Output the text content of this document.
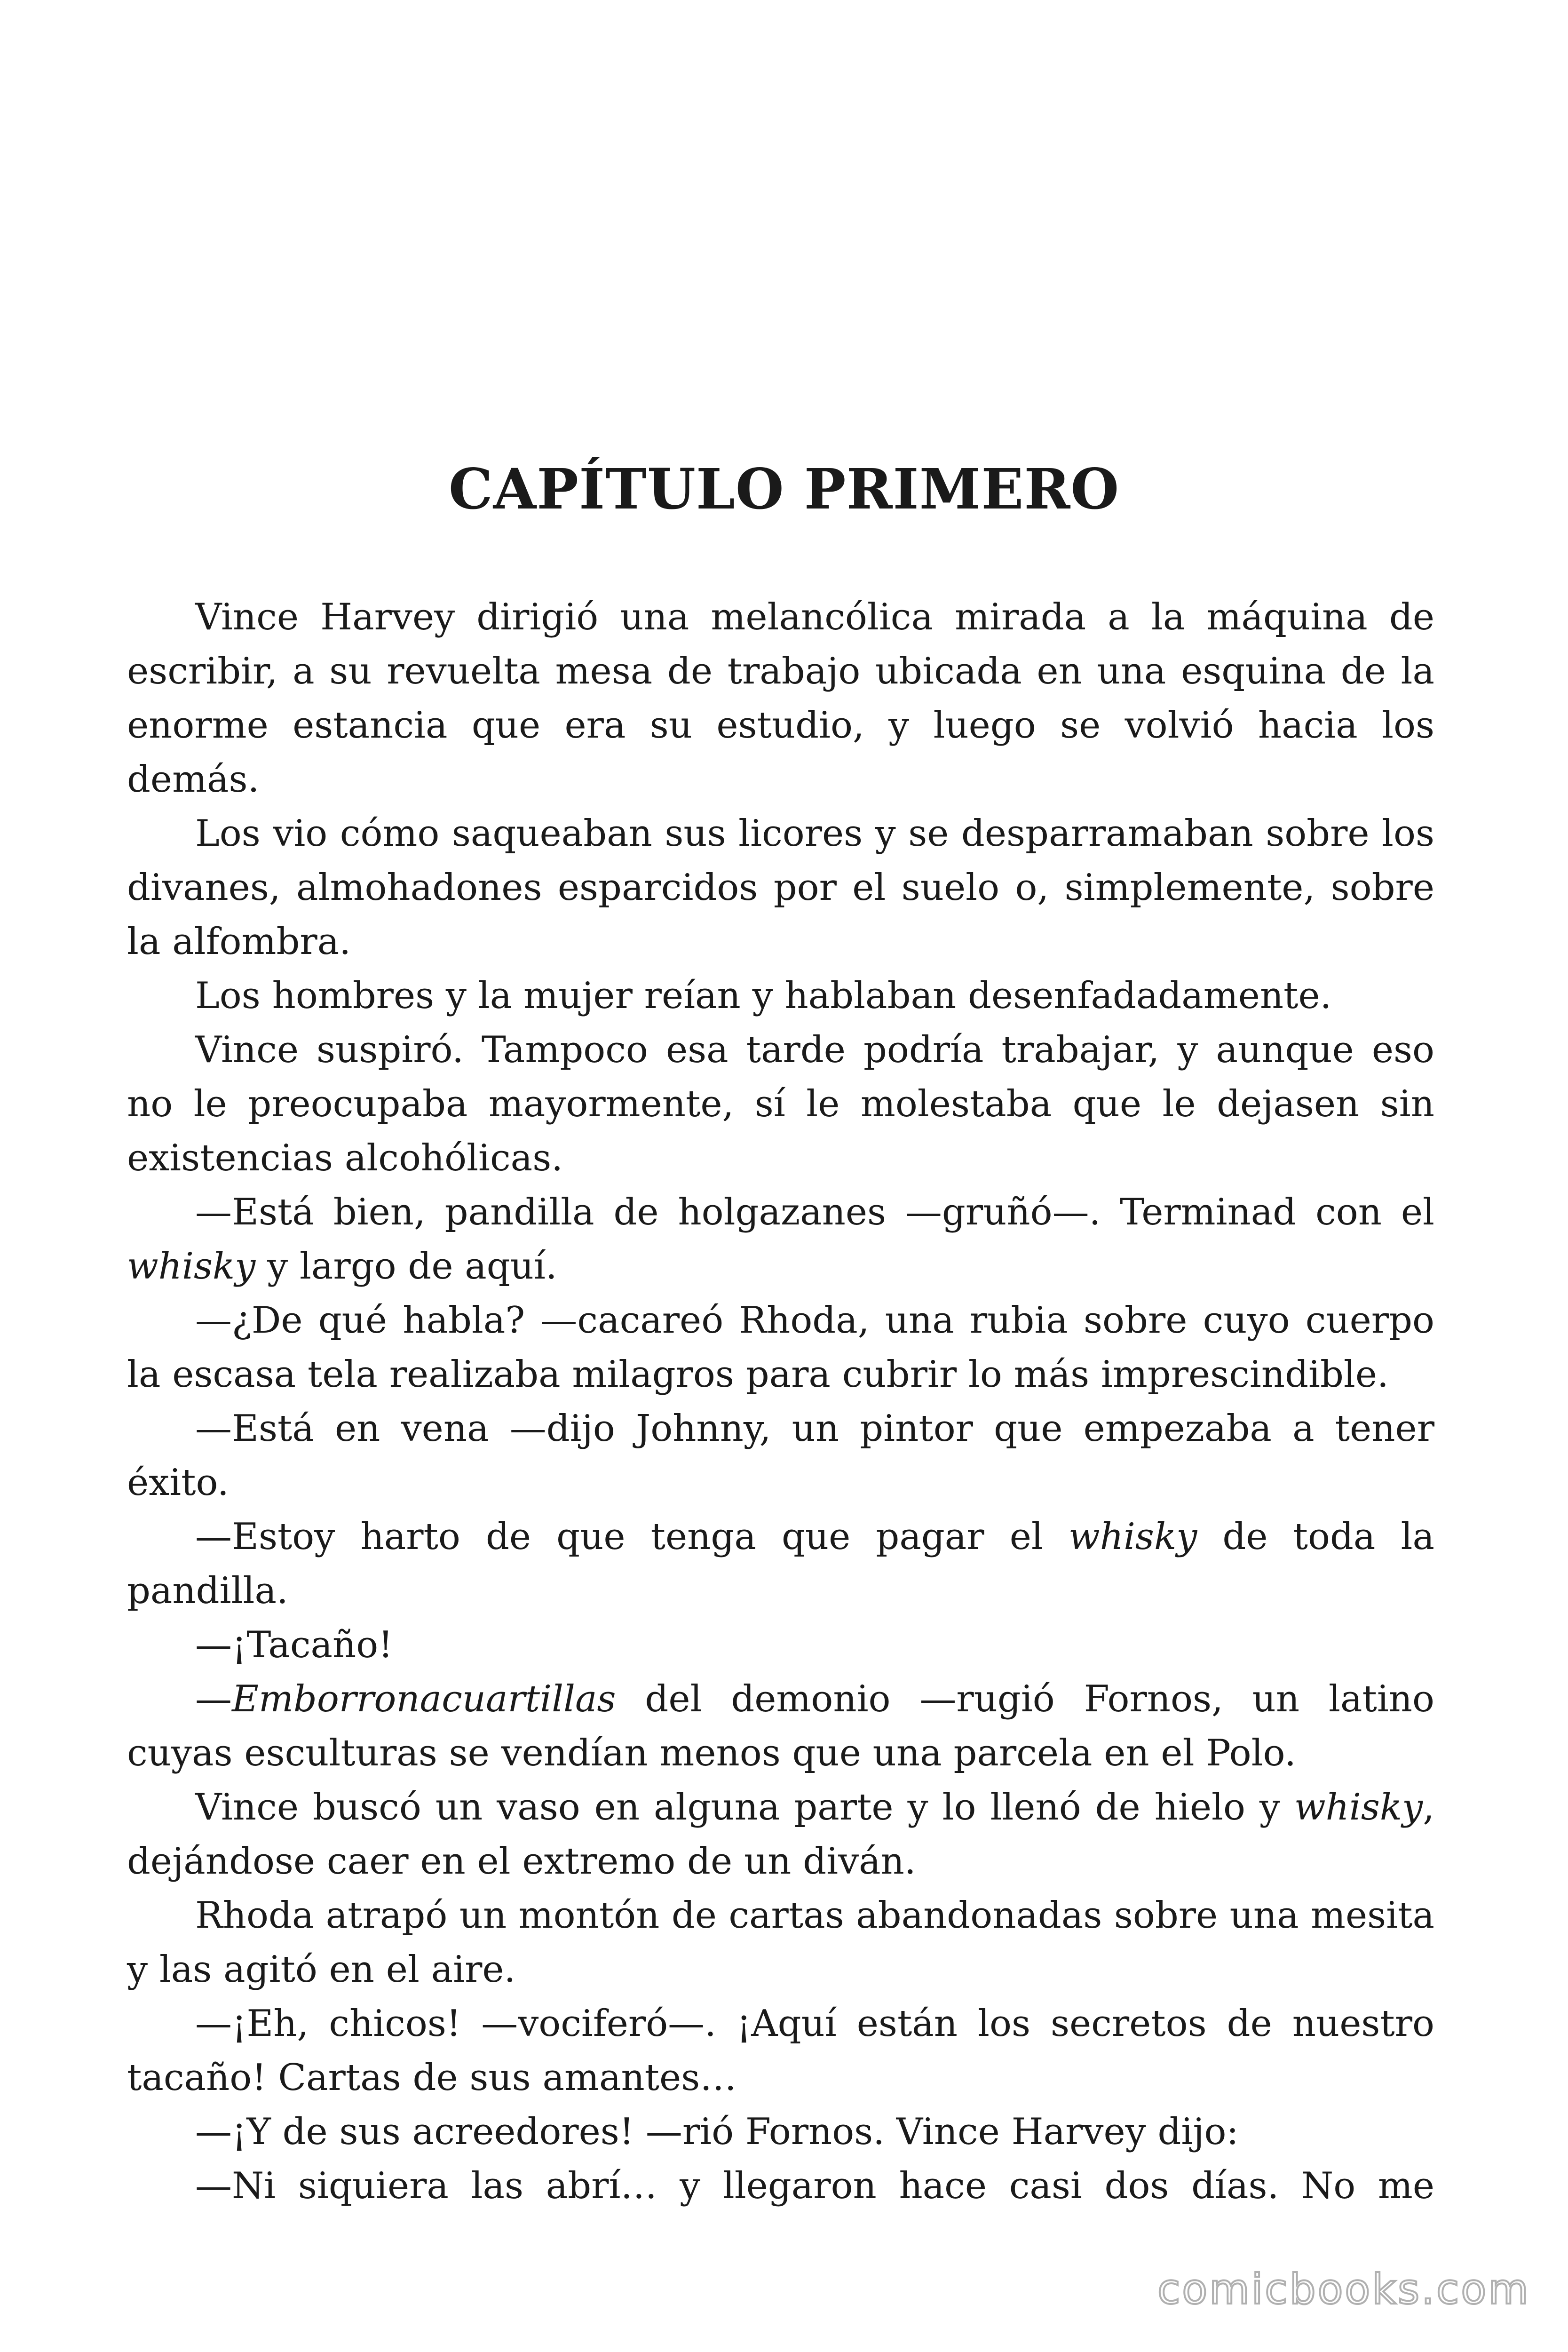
CAPÍTULO PRIMERO

Vince Harvey dirigió una melancólica mirada a la máquina de escribir, a su revuelta mesa de trabajo ubicada en una esquina de la enorme estancia que era su estudio, y luego se volvió hacia los demás.

Los vio cómo saqueaban sus licores y se desparramaban sobre los divanes, almohadones esparcidos por el suelo o, simplemente, sobre la alfombra.

Los hombres y la mujer reían y hablaban desenfadadamente.

Vince suspiró. Tampoco esa tarde podría trabajar, y aunque eso no le preocupaba mayormente, sí le molestaba que le dejasen sin existencias alcohólicas.

—Está bien, pandilla de holgazanes —gruñó—. Terminad con el whisky y largo de aquí.

—¿De qué habla? —cacareó Rhoda, una rubia sobre cuyo cuerpo la escasa tela realizaba milagros para cubrir lo más imprescindible.

—Está en vena —dijo Johnny, un pintor que empezaba a tener éxito.

—Estoy harto de que tenga que pagar el whisky de toda la pandilla.

—¡Tacaño!

—Emborronacuartillas del demonio —rugió Fornos, un latino cuyas esculturas se vendían menos que una parcela en el Polo.

Vince buscó un vaso en alguna parte y lo llenó de hielo y whisky, dejándose caer en el extremo de un diván.

Rhoda atrapó un montón de cartas abandonadas sobre una mesita y las agitó en el aire.

—¡Eh, chicos! —vociferó—. ¡Aquí están los secretos de nuestro tacaño! Cartas de sus amantes…

—¡Y de sus acreedores! —rió Fornos. Vince Harvey dijo:

—Ni siquiera las abrí… y llegaron hace casi dos días. No me

comicbooks.com
